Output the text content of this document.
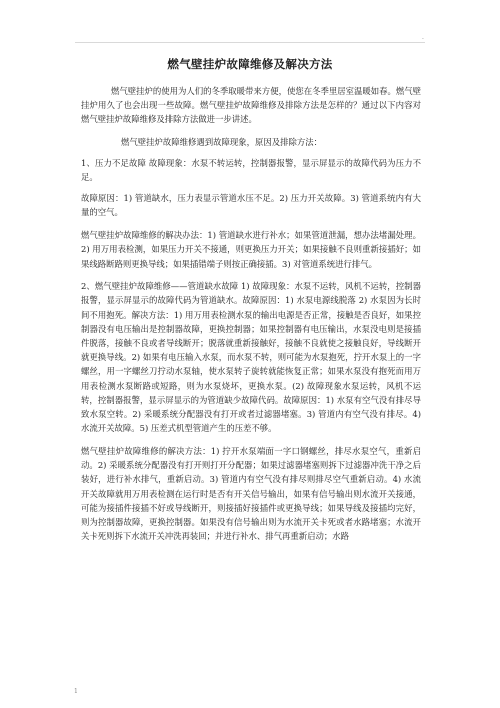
·
燃气壁挂炉故障维修及解决方法

燃气壁挂炉的使用为人们的冬季取暖带来方便，使您在冬季里居室温暖如春。燃气壁挂炉用久了也会出现一些故障。燃气壁挂炉故障维修及排除方法是怎样的？通过以下内容对燃气壁挂炉故障维修及排除方法做进一步讲述。

燃气壁挂炉故障维修遇到故障现象，原因及排除方法：

1、压力不足故障 故障现象：水泵不转运转，控制器报警，显示屏显示的故障代码为压力不足。

故障原因：1) 管道缺水，压力表显示管道水压不足。2) 压力开关故障。3) 管道系统内有大量的空气。

燃气壁挂炉故障维修的解决办法：1) 管道缺水进行补水；如果管道泄漏，想办法堵漏处理。2) 用万用表检测，如果压力开关不接通，则更换压力开关；如果接触不良则重新接插好；如果线路断路则更换导线；如果插错端子则按正确接插。3) 对管道系统进行排气。

2、燃气壁挂炉故障维修——管道缺水故障 1) 故障现象：水泵不运转，风机不运转，控制器报警，显示屏显示的故障代码为管道缺水。故障原因：1) 水泵电源线脱落 2) 水泵因为长时间不用抱死。解决方法：1) 用万用表检测水泵的输出电源是否正常，接触是否良好，如果控制器没有电压输出是控制器故障，更换控制器；如果控制器有电压输出，水泵没电则是接插件脱落，接触不良或者导线断开；脱落就重新接触好，接触不良就使之接触良好，导线断开就更换导线。2) 如果有电压输入水泵，而水泵不转，则可能为水泵抱死，拧开水泵上的一字螺丝，用一字螺丝刀拧动水泵轴，使水泵转子旋转就能恢复正常；如果水泵没有抱死而用万用表检测水泵断路或短路，则为水泵烧坏，更换水泵。(2) 故障现象水泵运转，风机不运转，控制器报警，显示屏显示的为管道缺少故障代码。故障原因：1) 水泵有空气没有排尽导致水泵空转。2) 采暖系统分配器没有打开或者过滤器堵塞。3) 管道内有空气没有排尽。4) 水流开关故障。5) 压差式机型管道产生的压差不够。

燃气壁挂炉故障维修的解决方法：1) 拧开水泵端面一字口钢螺丝，排尽水泵空气，重新启动。2) 采暖系统分配器没有打开则打开分配器；如果过滤器堵塞则拆下过滤器冲洗干净之后装好，进行补水排气，重新启动。3) 管道内有空气没有排尽则排尽空气重新启动。4) 水流开关故障就用万用表检测在运行时是否有开关信号输出，如果有信号输出则水流开关接通，可能为接插件接插不好或导线断开，则接插好接插件或更换导线；如果导线及接插均完好，则为控制器故障，更换控制器。如果没有信号输出则为水流开关卡死或者水路堵塞；水流开关卡死则拆下水流开关冲洗再装回；并进行补水、排气再重新启动；水路

1
